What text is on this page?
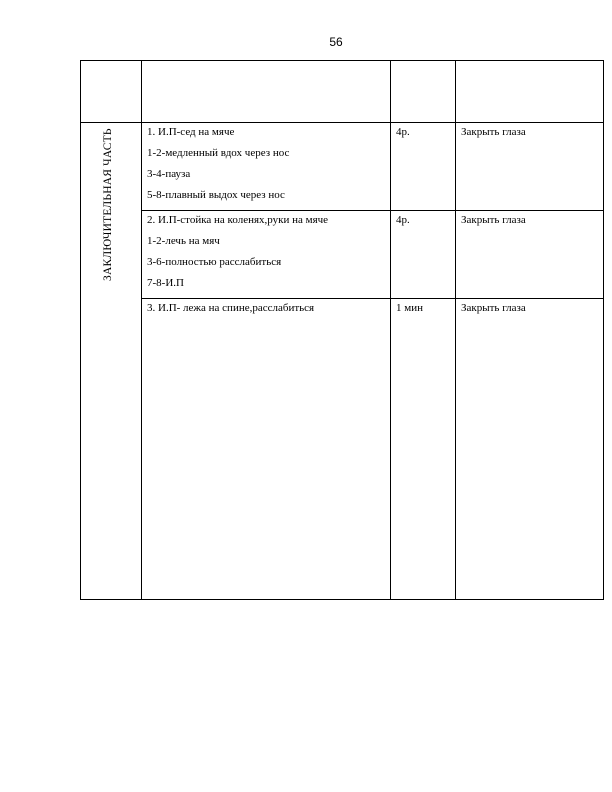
56

ЗАКЛЮЧИТЕЛЬНАЯ ЧАСТЬ	1. И.П-сед на мяче
1-2-медленный вдох через нос
3-4-пауза
5-8-плавный выдох через нос	4р.	Закрыть глаза

	2. И.П-стойка на коленях,руки на мяче
1-2-лечь на мяч
3-6-полностью расслабиться
7-8-И.П	4р.	Закрыть глаза

	3. И.П- лежа на спине,расслабиться	1 мин	Закрыть глаза
